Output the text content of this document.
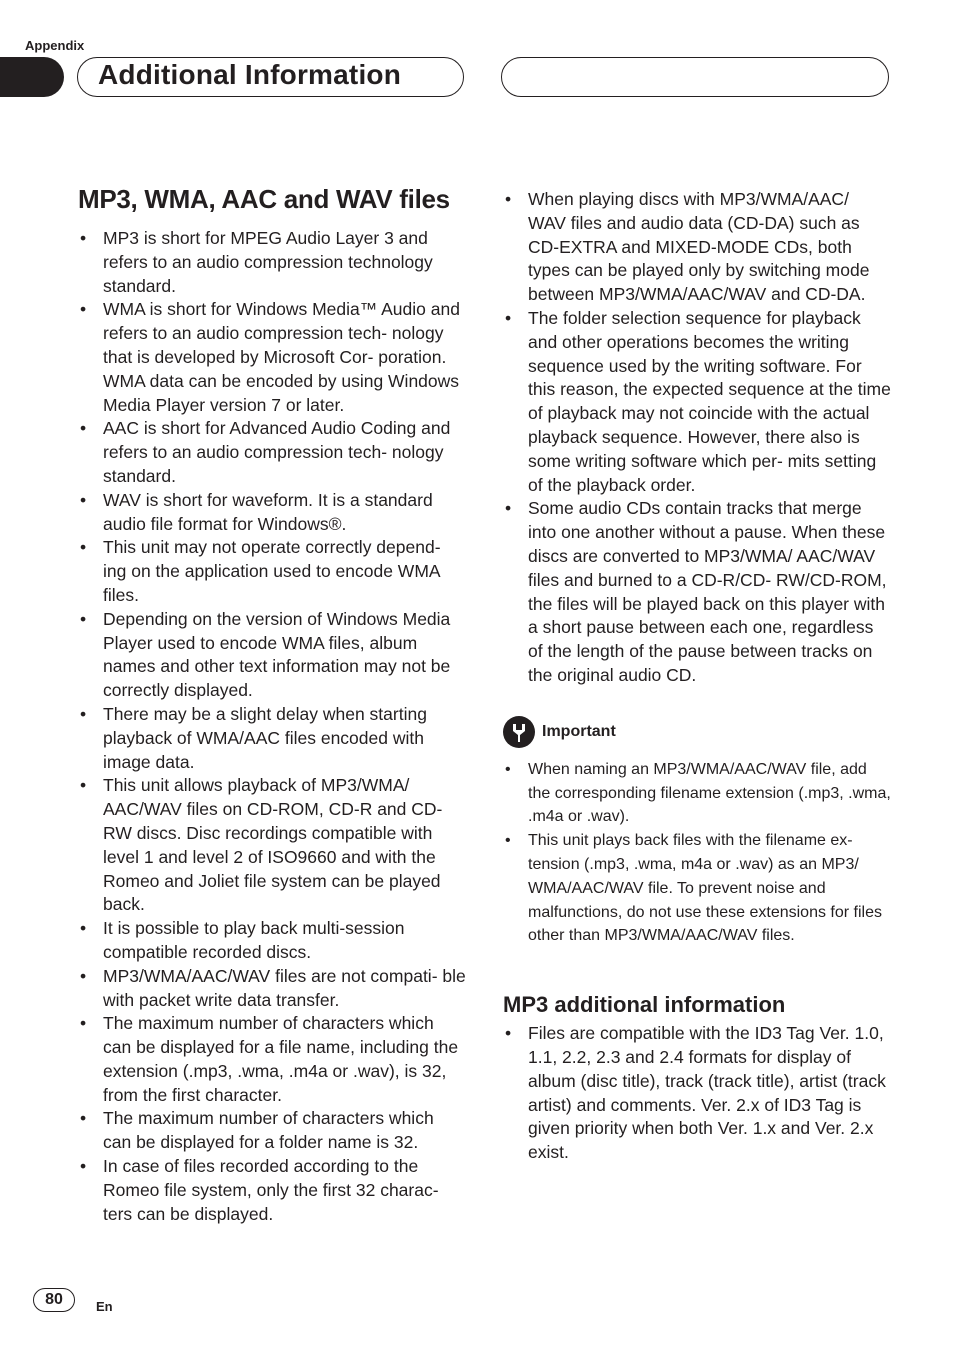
Appendix
Additional Information
MP3, WMA, AAC and WAV files
• MP3 is short for MPEG Audio Layer 3 and refers to an audio compression technology standard.
• WMA is short for Windows Media™ Audio and refers to an audio compression tech- nology that is developed by Microsoft Cor- poration. WMA data can be encoded by using Windows Media Player version 7 or later.
• AAC is short for Advanced Audio Coding and refers to an audio compression tech- nology standard.
• WAV is short for waveform. It is a standard audio file format for Windows®.
• This unit may not operate correctly depend- ing on the application used to encode WMA files.
• Depending on the version of Windows Media Player used to encode WMA files, album names and other text information may not be correctly displayed.
• There may be a slight delay when starting playback of WMA/AAC files encoded with image data.
• This unit allows playback of MP3/WMA/ AAC/WAV files on CD-ROM, CD-R and CD- RW discs. Disc recordings compatible with level 1 and level 2 of ISO9660 and with the Romeo and Joliet file system can be played back.
• It is possible to play back multi-session compatible recorded discs.
• MP3/WMA/AAC/WAV files are not compati- ble with packet write data transfer.
• The maximum number of characters which can be displayed for a file name, including the extension (.mp3, .wma, .m4a or .wav), is 32, from the first character.
• The maximum number of characters which can be displayed for a folder name is 32.
• In case of files recorded according to the Romeo file system, only the first 32 charac- ters can be displayed.
• When playing discs with MP3/WMA/AAC/ WAV files and audio data (CD-DA) such as CD-EXTRA and MIXED-MODE CDs, both types can be played only by switching mode between MP3/WMA/AAC/WAV and CD-DA.
• The folder selection sequence for playback and other operations becomes the writing sequence used by the writing software. For this reason, the expected sequence at the time of playback may not coincide with the actual playback sequence. However, there also is some writing software which per- mits setting of the playback order.
• Some audio CDs contain tracks that merge into one another without a pause. When these discs are converted to MP3/WMA/ AAC/WAV files and burned to a CD-R/CD- RW/CD-ROM, the files will be played back on this player with a short pause between each one, regardless of the length of the pause between tracks on the original audio CD.
Important
• When naming an MP3/WMA/AAC/WAV file, add the corresponding filename extension (.mp3, .wma, .m4a or .wav).
• This unit plays back files with the filename ex- tension (.mp3, .wma, m4a or .wav) as an MP3/ WMA/AAC/WAV file. To prevent noise and malfunctions, do not use these extensions for files other than MP3/WMA/AAC/WAV files.
MP3 additional information
• Files are compatible with the ID3 Tag Ver. 1.0, 1.1, 2.2, 2.3 and 2.4 formats for display of album (disc title), track (track title), artist (track artist) and comments. Ver. 2.x of ID3 Tag is given priority when both Ver. 1.x and Ver. 2.x exist.
80	En
